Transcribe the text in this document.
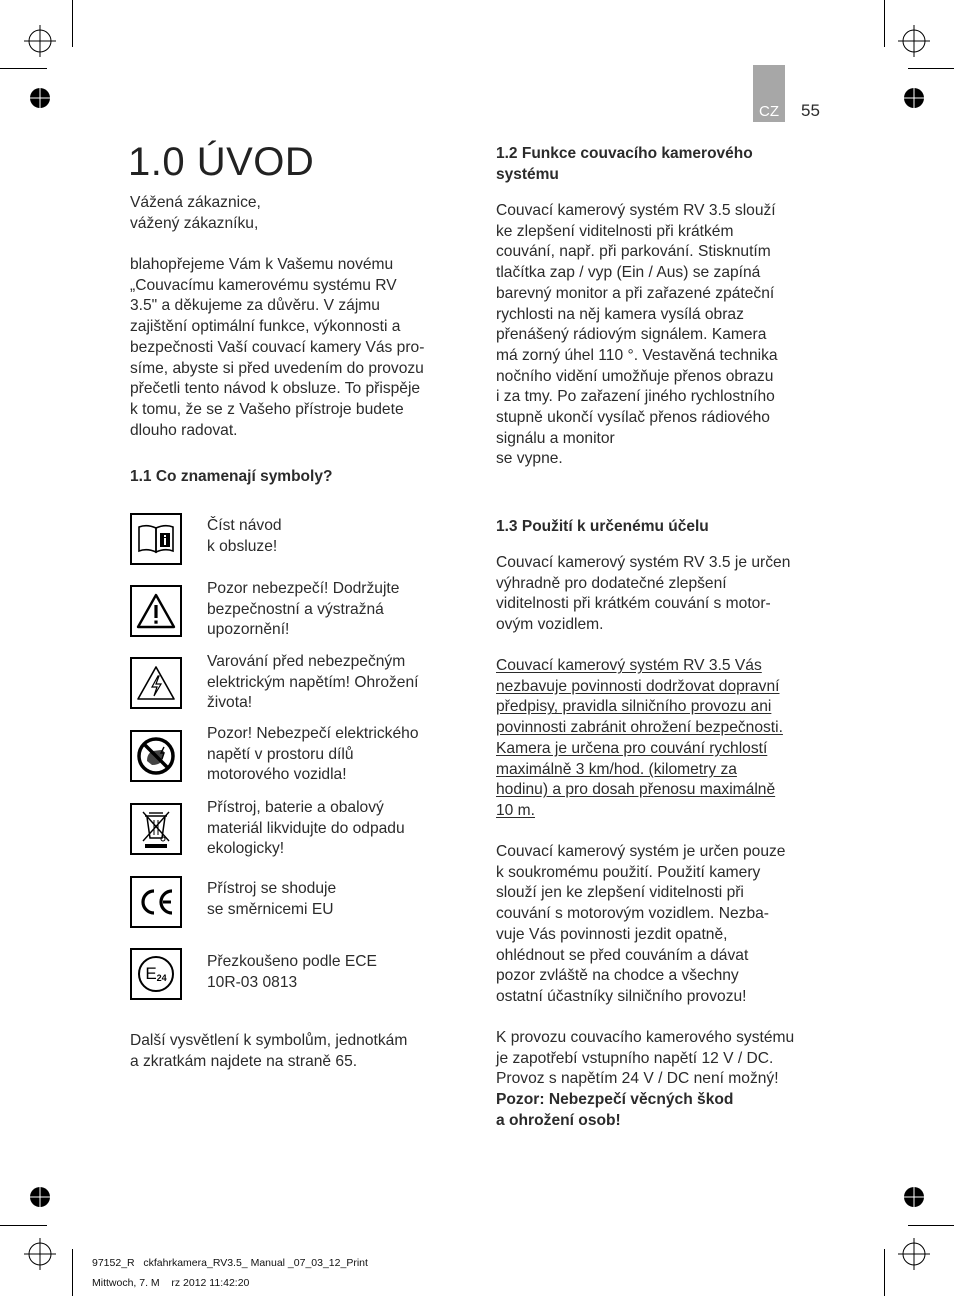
CZ 55
1.0 ÚVOD
Vážená zákaznice,
vážený zákazníku,
blahopřejeme Vám k Vašemu novému
„Couvacímu kamerovému systému RV
3.5" a děkujeme za důvěru. V zájmu
zajištění optimální funkce, výkonnosti a
bezpečnosti Vaší couvací kamery Vás pro-
síme, abyste si před uvedením do provozu
přečetli tento návod k obsluze. To přispěje
k tomu, že se z Vašeho přístroje budete
dlouho radovat.
1.1 Co znamenají symboly?
Číst návod
k obsluze!
Pozor nebezpečí! Dodržujte
bezpečnostní a výstražná
upozornění!
Varování před nebezpečným
elektrickým napětím! Ohrožení
života!
Pozor! Nebezpečí elektrického
napětí v prostoru dílů
motorového vozidla!
Přístroj, baterie a obalový
materiál likvidujte do odpadu
ekologicky!
Přístroj se shoduje
se směrnicemi EU
E 24
Přezkoušeno podle ECE
10R-03 0813
Další vysvětlení k symbolům, jednotkám
a zkratkám najdete na straně 65.
1.2 Funkce couvacího kamerového
systému
Couvací kamerový systém RV 3.5 slouží
ke zlepšení viditelnosti při krátkém
couvání, např. při parkování. Stisknutím
tlačítka zap / vyp (Ein / Aus) se zapíná
barevný monitor a při zařazené zpáteční
rychlosti na něj kamera vysílá obraz
přenášený rádiovým signálem. Kamera
má zorný úhel 110 °. Vestavěná technika
nočního vidění umožňuje přenos obrazu
i za tmy. Po zařazení jiného rychlostního
stupně ukončí vysílač přenos rádiového
signálu a monitor
se vypne.
1.3 Použití k určenému účelu
Couvací kamerový systém RV 3.5 je určen
výhradně pro dodatečné zlepšení
viditelnosti při krátkém couvání s motor-
ovým vozidlem.
Couvací kamerový systém RV 3.5 Vás
nezbavuje povinnosti dodržovat dopravní
předpisy, pravidla silničního provozu ani
povinnosti zabránit ohrožení bezpečnosti.
Kamera je určena pro couvání rychlostí
maximálně 3 km/hod. (kilometry za
hodinu) a pro dosah přenosu maximálně
10 m.
Couvací kamerový systém je určen pouze
k soukromému použití. Použití kamery
slouží jen ke zlepšení viditelnosti při
couvání s motorovým vozidlem. Nezba-
vuje Vás povinnosti jezdit opatně,
ohlédnout se před couváním a dávat
pozor zvláště na chodce a všechny
ostatní účastníky silničního provozu!
K provozu couvacího kamerového systému
je zapotřebí vstupního napětí 12 V / DC.
Provoz s napětím 24 V / DC není možný!
Pozor: Nebezpečí věcných škod
a ohrožení osob!
97152_R   ckfahrkamera_RV3.5_ Manual _07_03_12_Print
Mittwoch, 7. M    rz 2012 11:42:20
